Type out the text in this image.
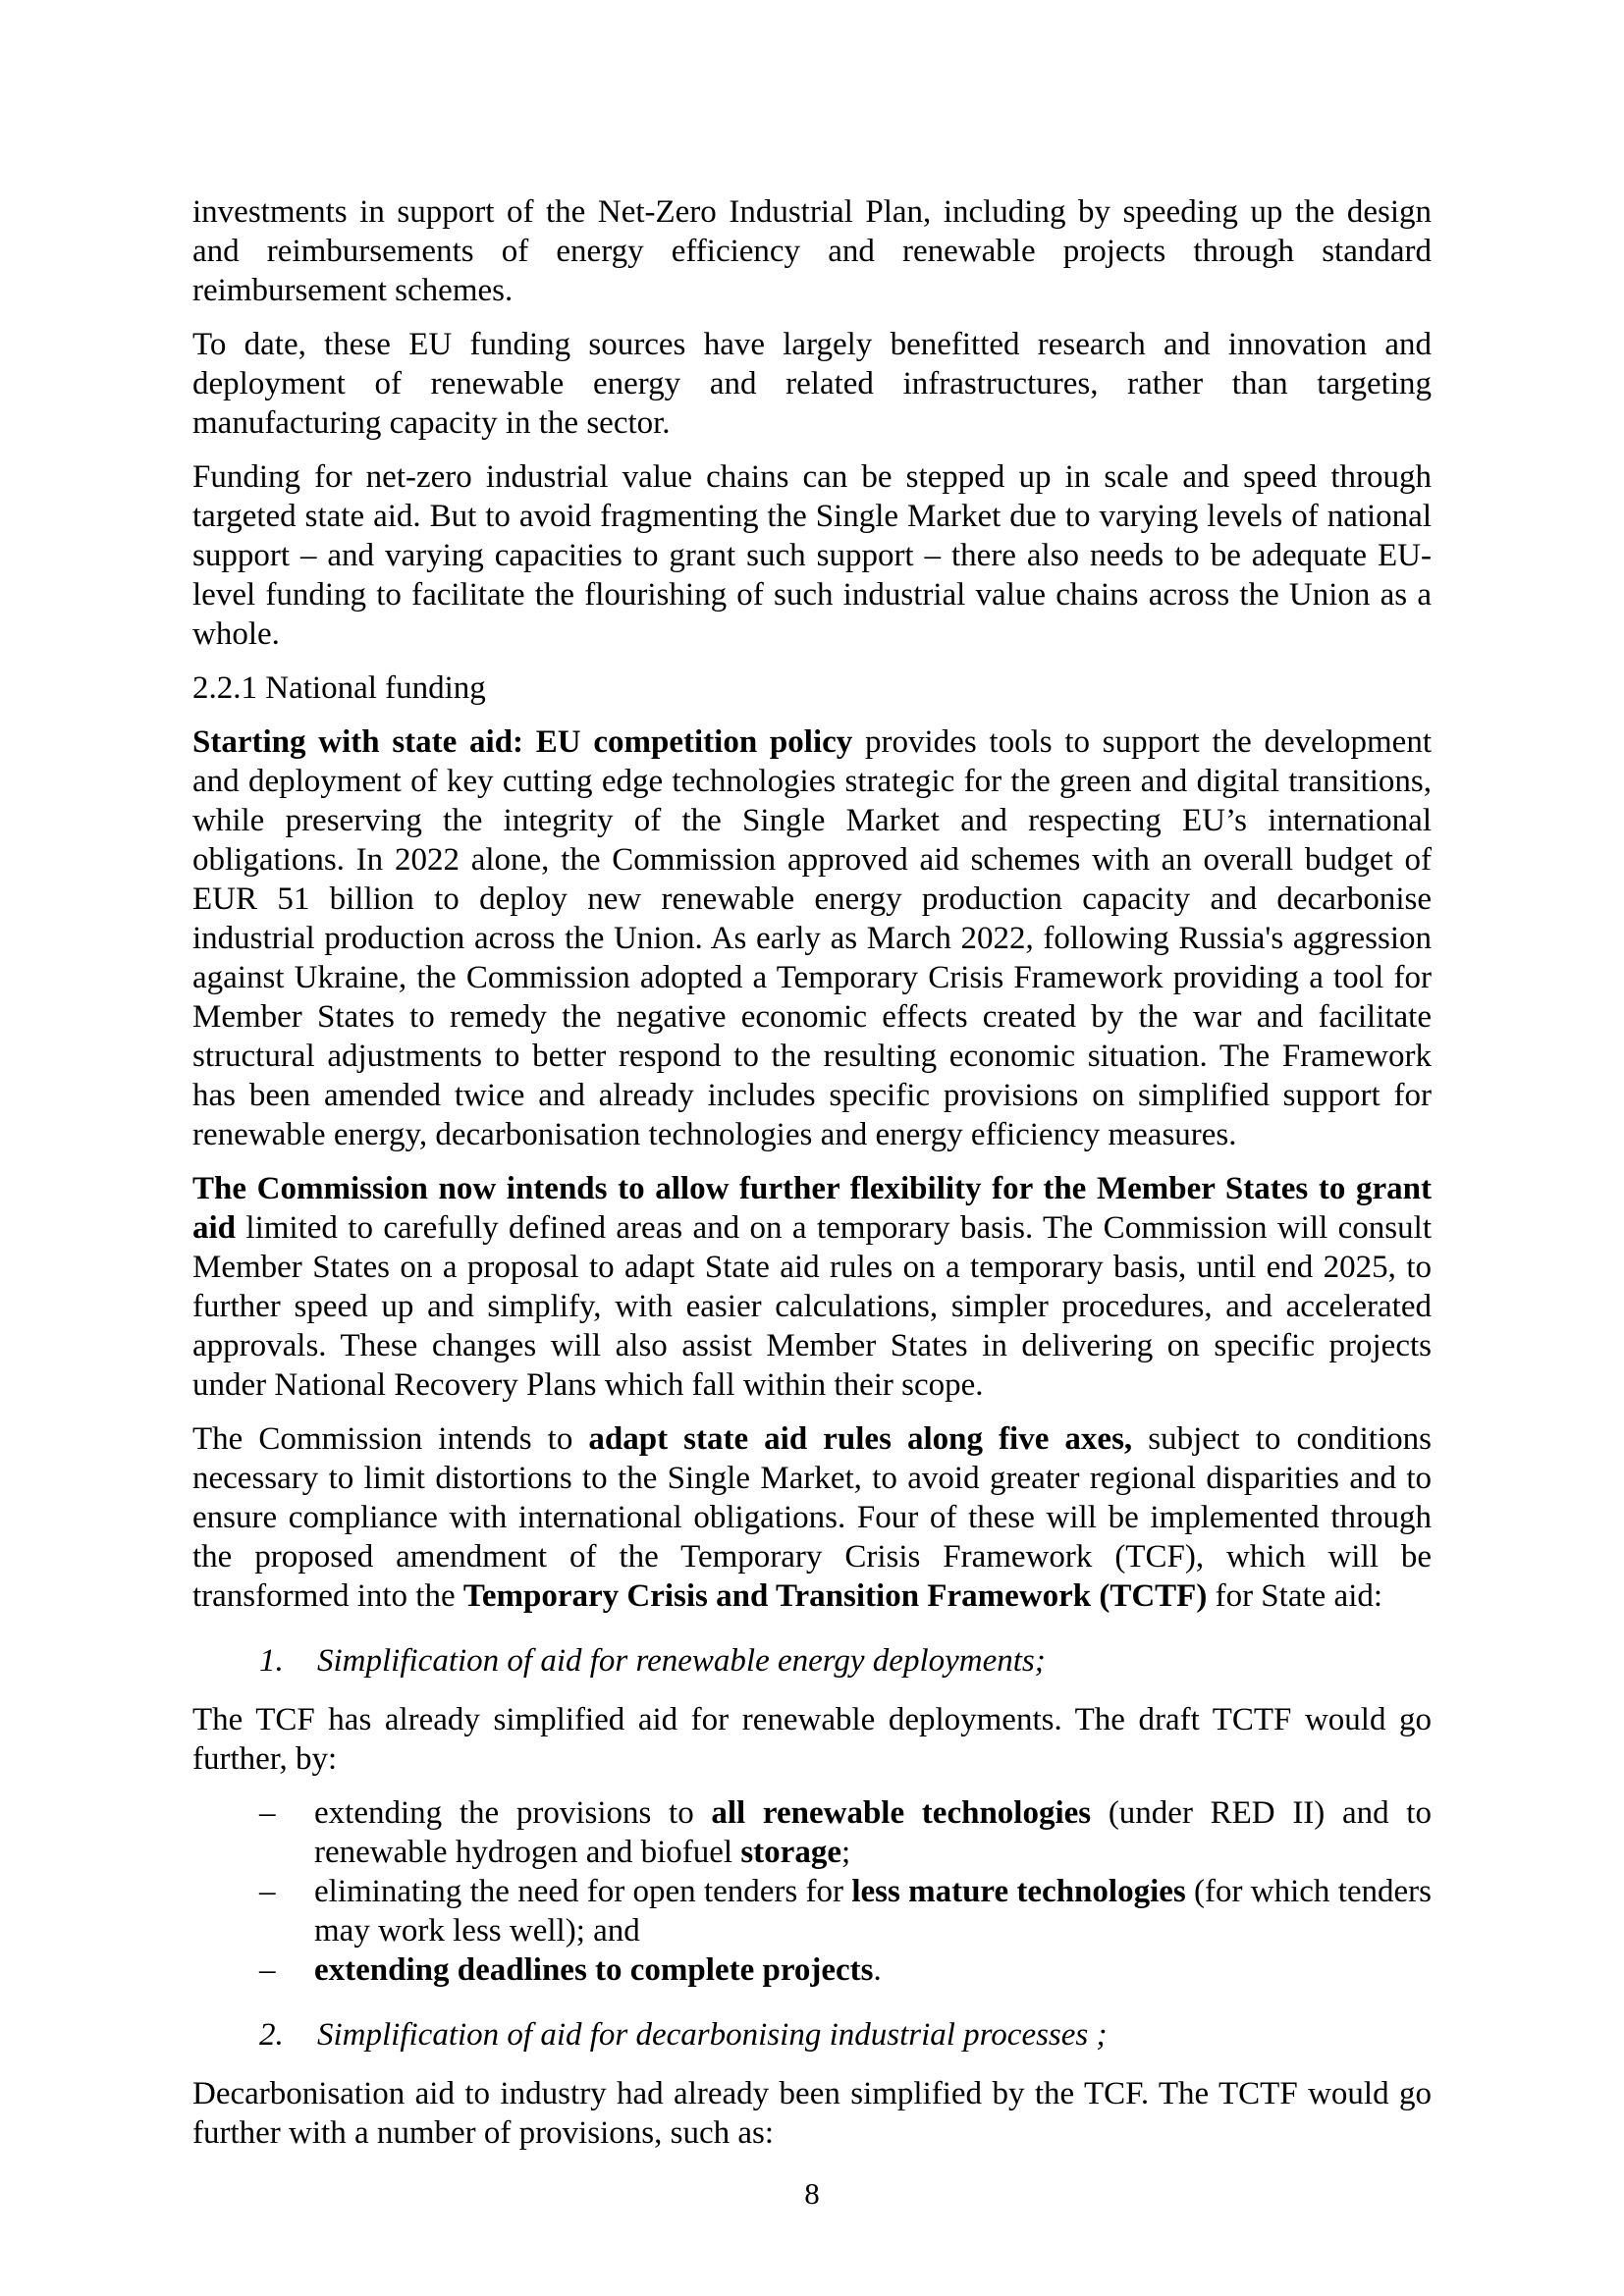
investments in support of the Net-Zero Industrial Plan, including by speeding up the design and reimbursements of energy efficiency and renewable projects through standard reimbursement schemes.
To date, these EU funding sources have largely benefitted research and innovation and deployment of renewable energy and related infrastructures, rather than targeting manufacturing capacity in the sector.
Funding for net-zero industrial value chains can be stepped up in scale and speed through targeted state aid. But to avoid fragmenting the Single Market due to varying levels of national support – and varying capacities to grant such support – there also needs to be adequate EU-level funding to facilitate the flourishing of such industrial value chains across the Union as a whole.
2.2.1 National funding
Starting with state aid: EU competition policy provides tools to support the development and deployment of key cutting edge technologies strategic for the green and digital transitions, while preserving the integrity of the Single Market and respecting EU’s international obligations. In 2022 alone, the Commission approved aid schemes with an overall budget of EUR 51 billion to deploy new renewable energy production capacity and decarbonise industrial production across the Union. As early as March 2022, following Russia's aggression against Ukraine, the Commission adopted a Temporary Crisis Framework providing a tool for Member States to remedy the negative economic effects created by the war and facilitate structural adjustments to better respond to the resulting economic situation. The Framework has been amended twice and already includes specific provisions on simplified support for renewable energy, decarbonisation technologies and energy efficiency measures.
The Commission now intends to allow further flexibility for the Member States to grant aid limited to carefully defined areas and on a temporary basis. The Commission will consult Member States on a proposal to adapt State aid rules on a temporary basis, until end 2025, to further speed up and simplify, with easier calculations, simpler procedures, and accelerated approvals. These changes will also assist Member States in delivering on specific projects under National Recovery Plans which fall within their scope.
The Commission intends to adapt state aid rules along five axes, subject to conditions necessary to limit distortions to the Single Market, to avoid greater regional disparities and to ensure compliance with international obligations. Four of these will be implemented through the proposed amendment of the Temporary Crisis Framework (TCF), which will be transformed into the Temporary Crisis and Transition Framework (TCTF) for State aid:
1. Simplification of aid for renewable energy deployments;
The TCF has already simplified aid for renewable deployments. The draft TCTF would go further, by:
– extending the provisions to all renewable technologies (under RED II) and to renewable hydrogen and biofuel storage;
– eliminating the need for open tenders for less mature technologies (for which tenders may work less well); and
– extending deadlines to complete projects.
2. Simplification of aid for decarbonising industrial processes ;
Decarbonisation aid to industry had already been simplified by the TCF. The TCTF would go further with a number of provisions, such as:
8
